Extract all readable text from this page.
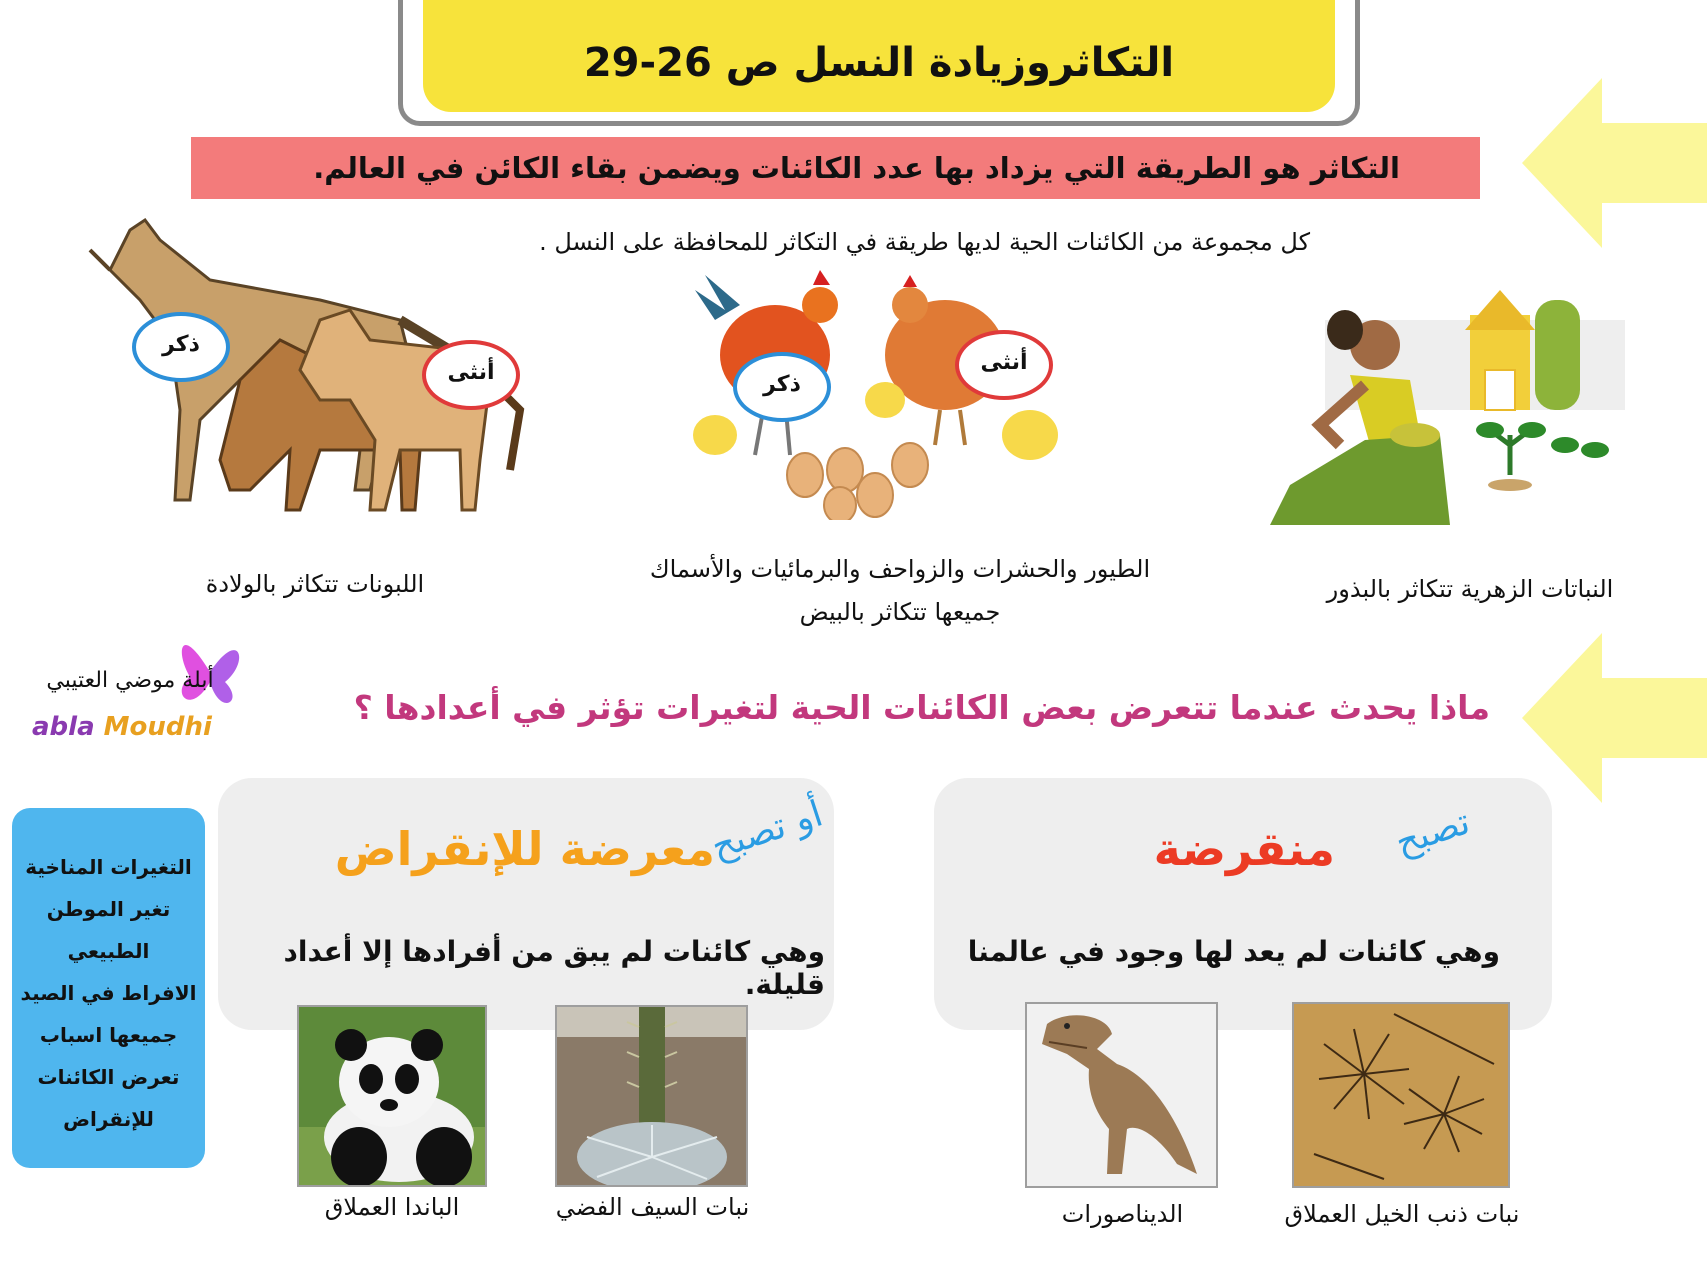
التكاثروزيادة النسل ص 26-29
التكاثر هو الطريقة التي يزداد بها عدد الكائنات ويضمن بقاء الكائن في العالم.
كل مجموعة من الكائنات الحية لديها طريقة في التكاثر للمحافظة على النسل .
ذكر
أنثى
اللبونات تتكاثر بالولادة
ذكر
أنثى
الطيور والحشرات والزواحف والبرمائيات والأسماك
جميعها تتكاثر بالبيض
النباتات الزهرية تتكاثر بالبذور
أبلة موضي العتيبي
abla Moudhi	ماذا يحدث عندما تتعرض بعض الكائنات الحية لتغيرات تؤثر في أعدادها ؟
التغيرات المناخية
تغير الموطن
الطبيعي
الافراط في الصيد
جميعها اسباب
تعرض الكائنات
للإنقراض
أو تصبح
معرضة للإنقراض
وهي كائنات لم يبق من أفرادها إلا أعداد قليلة.
تصبح
منقرضة
وهي كائنات لم يعد لها وجود في عالمنا
الباندا العملاق	نبات السيف الفضي	الديناصورات	نبات ذنب الخيل العملاق
